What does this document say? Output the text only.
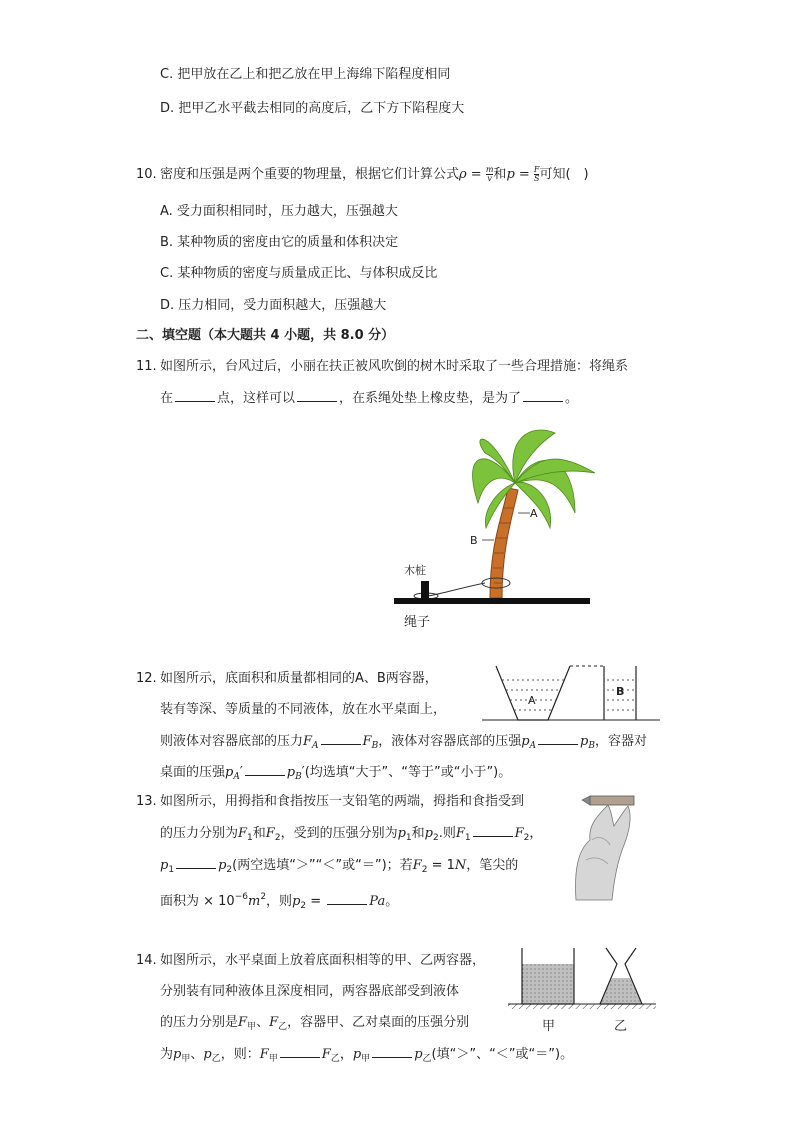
C. 把甲放在乙上和把乙放在甲上海绵下陷程度相同
D. 把甲乙水平截去相同的高度后，乙下方下陷程度大
10. 密度和压强是两个重要的物理量，根据它们计算公式$\rho = \frac{m}{v}$ 和$p = \frac{F}{S}$ 可知(　)
A. 受力面积相同时，压力越大，压强越大
B. 某种物质的密度由它的质量和体积决定
C. 某种物质的密度与质量成正比、与体积成反比
D. 压力相同，受力面积越大，压强越大
二、填空题（本大题共 4 小题，共 8.0 分）
11. 如图所示，台风过后，小丽在扶正被风吹倒的树木时采取了一些合理措施：将绳系
在	点，这样可以	，在系绳处垫上橡皮垫，是为了	。
A
B
木桩
绳子
12. 如图所示，底面积和质量都相同的A、B两容器，
装有等深、等质量的不同液体，放在水平桌面上，
则液体对容器底部的压力$F_A$	$F_B$，液体对容器底部的压强$p_A$	$p_B$，容器对
桌面的压强$p_A'$	$p_B'$(均选填“大于”、“等于”或“小于”)。
A
B
13. 如图所示，用拇指和食指按压一支铅笔的两端，拇指和食指受到
的压力分别为$F_1$和$F_2$，受到的压强分别为$p_1$和$p_2$.则$F_1$	$F_2$，
$p_1$	$p_2$(两空选填“＞”“＜”或“＝”)；若$F_2 = 1N$，笔尖的
面积为 × $10^{-6}m^2$，则$p_2$ =	Pa。
14. 如图所示，水平桌面上放着底面积相等的甲、乙两容器，
分别装有同种液体且深度相同，两容器底部受到液体
的压力分别是$F_甲$、$F_乙$，容器甲、乙对桌面的压强分别
为$p_甲$、$p_乙$，则：$F_甲$	$F_乙$，$p_甲$	$p_乙$(填“＞”、“＜”或“＝”)。
甲	乙
